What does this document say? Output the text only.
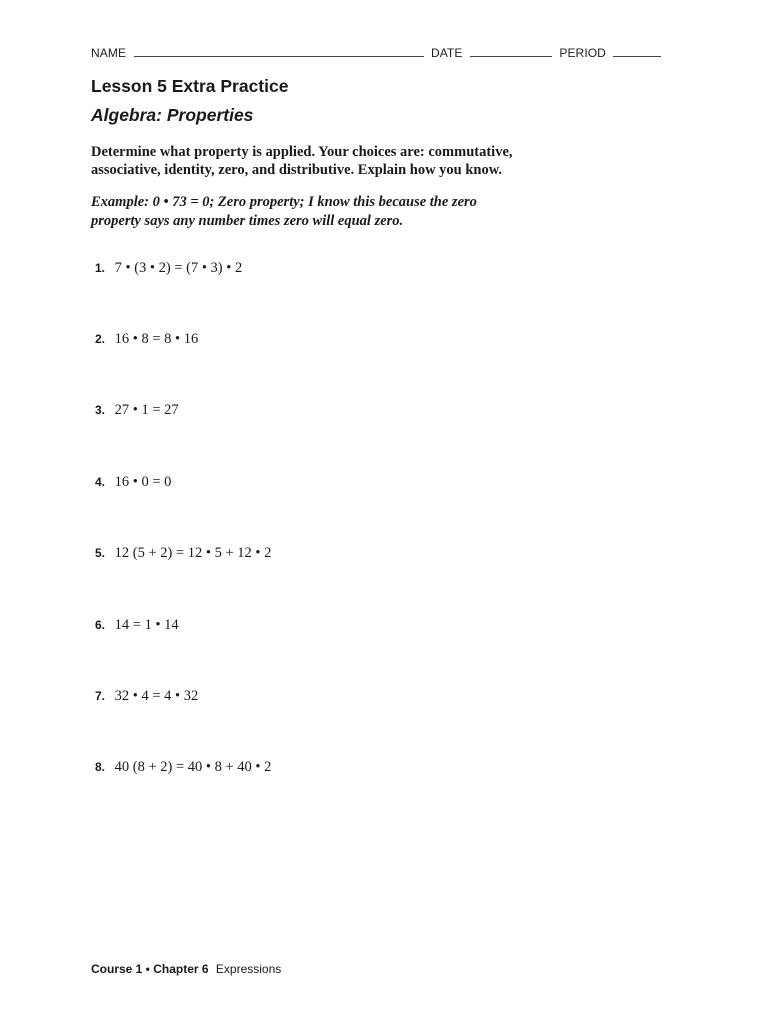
NAME	DATE	PERIOD
Lesson 5 Extra Practice
Algebra: Properties

Determine what property is applied. Your choices are: commutative, associative, identity, zero, and distributive. Explain how you know.

Example: 0 • 73 = 0; Zero property; I know this because the zero property says any number times zero will equal zero.

1. 7 • (3 • 2) = (7 • 3) • 2
2. 16 • 8 = 8 • 16
3. 27 • 1 = 27
4. 16 • 0 = 0
5. 12 (5 + 2) = 12 • 5 + 12 • 2
6. 14 = 1 • 14
7. 32 • 4 = 4 • 32
8. 40 (8 + 2) = 40 • 8 + 40 • 2
Course 1 • Chapter 6 Expressions
